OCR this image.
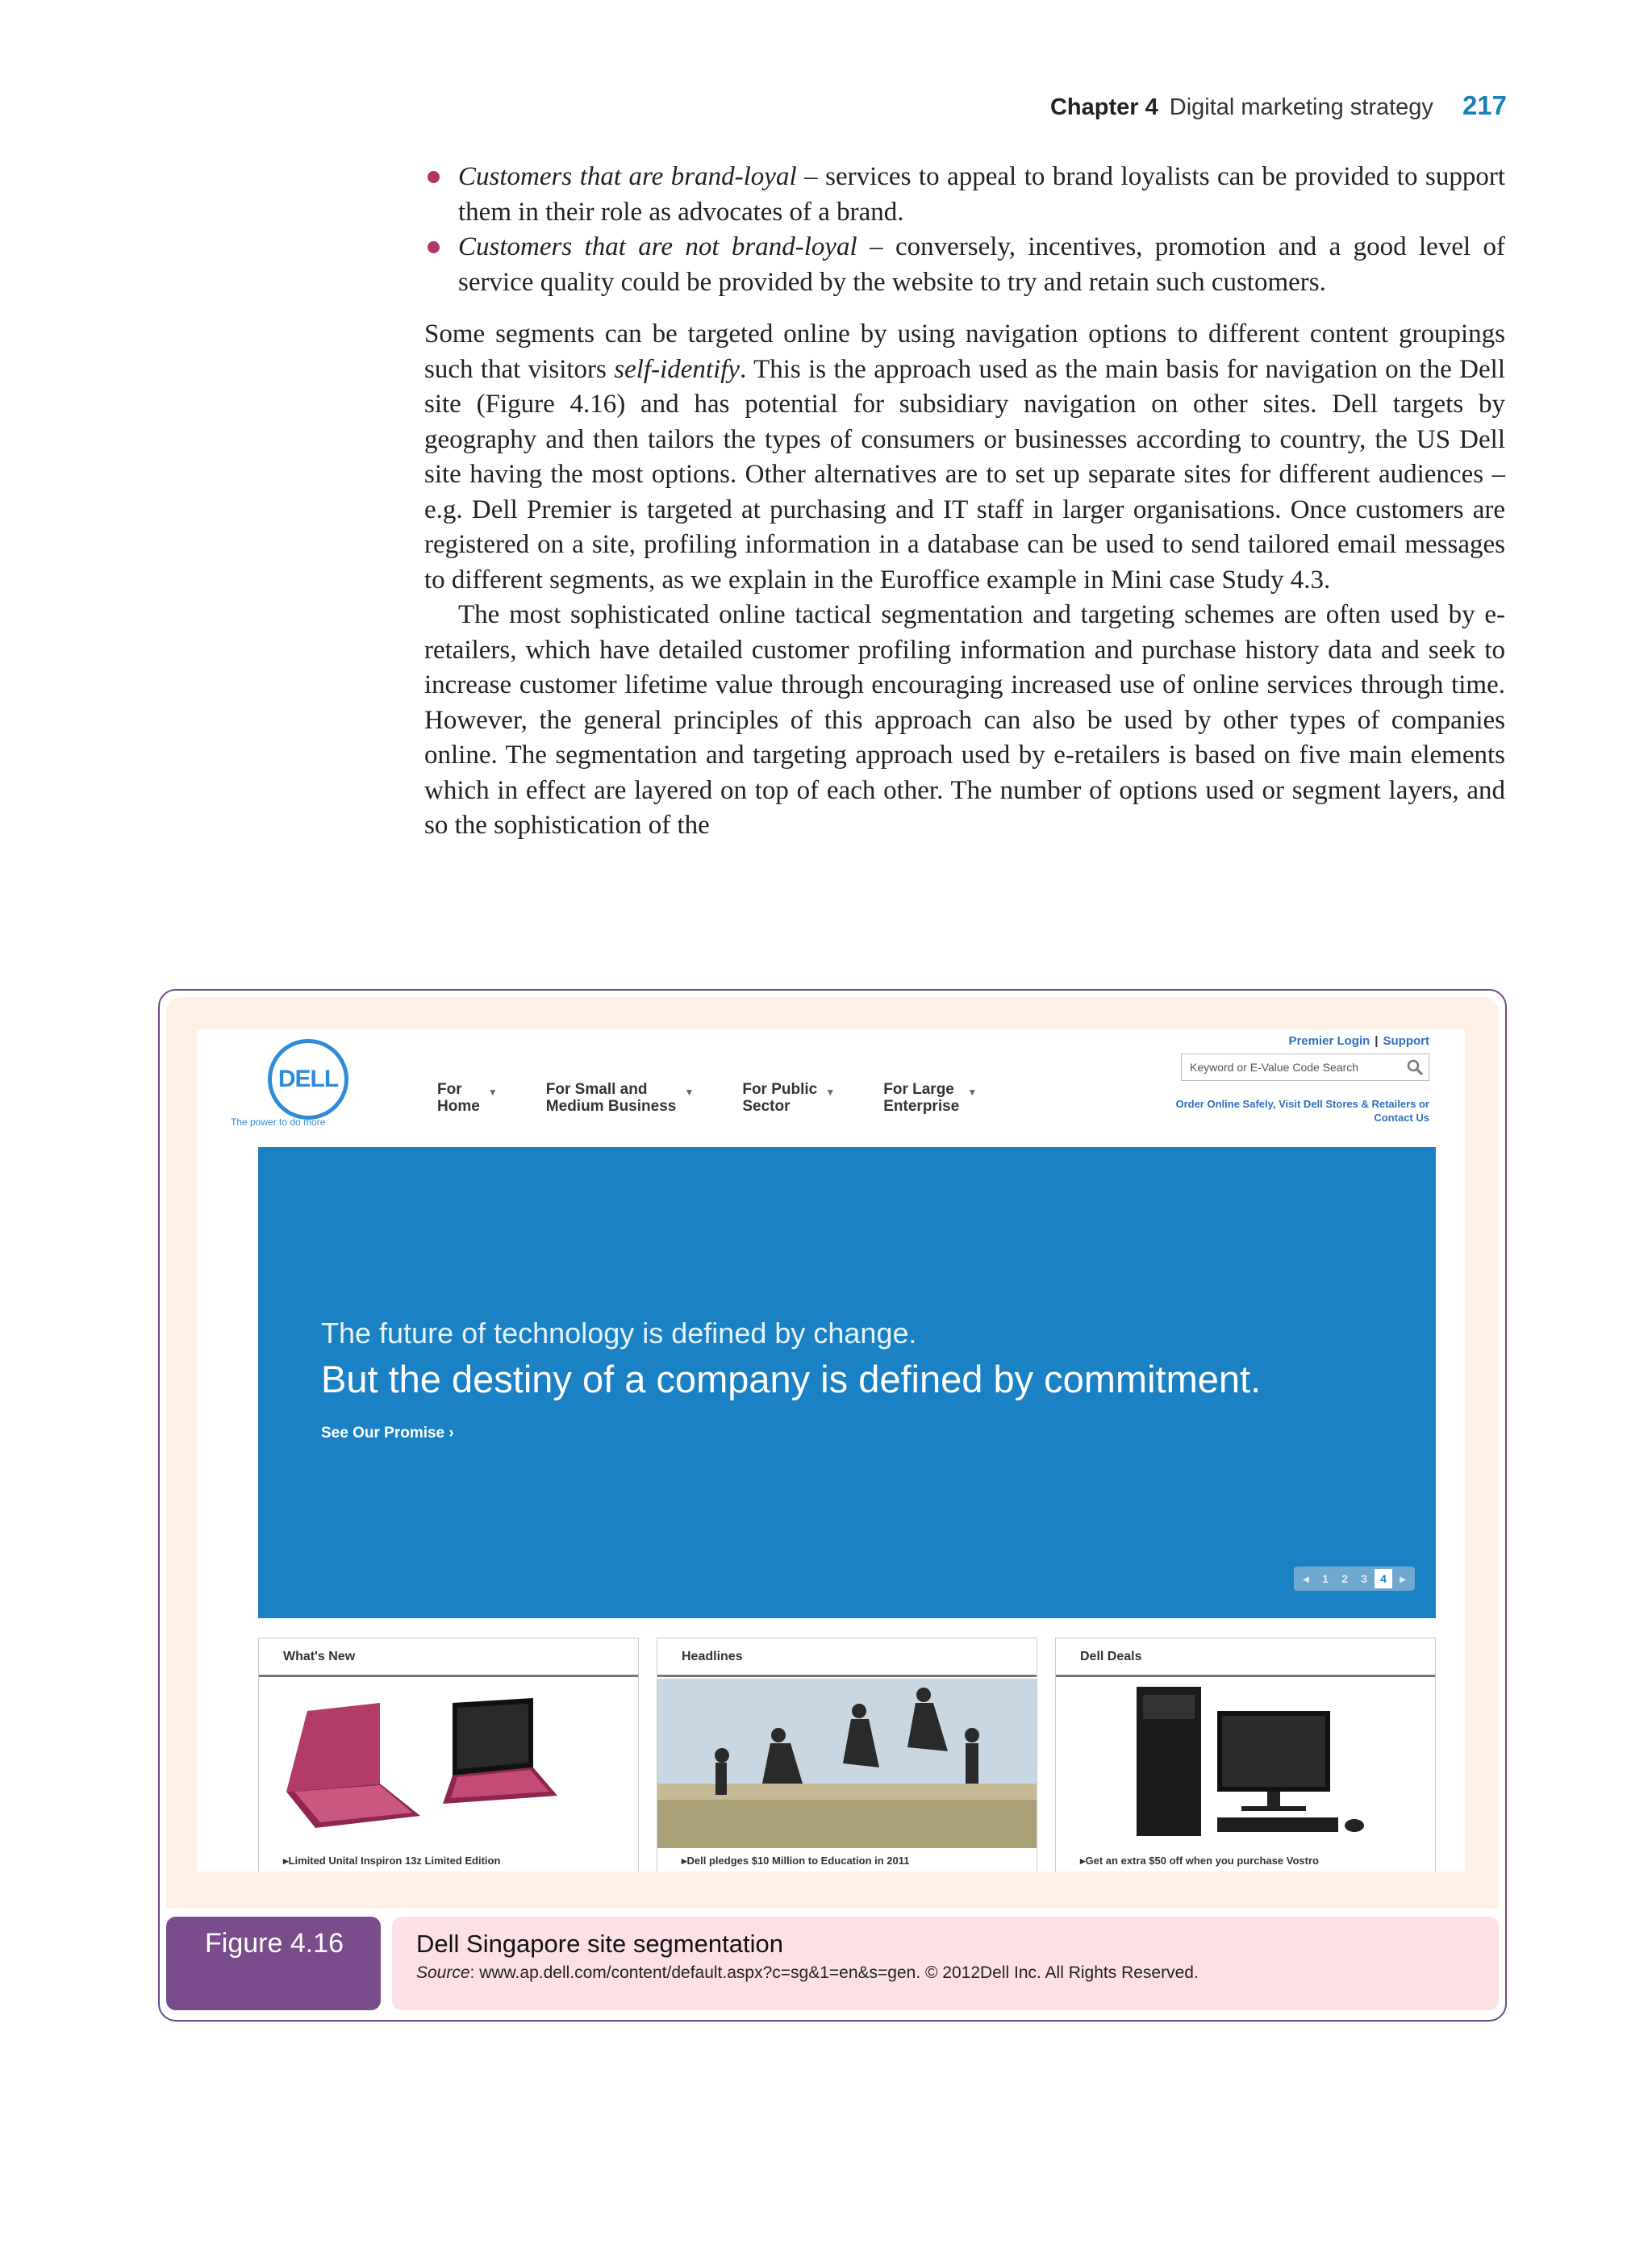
Chapter 4 Digital marketing strategy 217
Customers that are brand-loyal – services to appeal to brand loyalists can be provided to support them in their role as advocates of a brand.
Customers that are not brand-loyal – conversely, incentives, promotion and a good level of service quality could be provided by the website to try and retain such customers.

Some segments can be targeted online by using navigation options to different content groupings such that visitors self-identify. This is the approach used as the main basis for navigation on the Dell site (Figure 4.16) and has potential for subsidiary navigation on other sites. Dell targets by geography and then tailors the types of consumers or businesses according to country, the US Dell site having the most options. Other alternatives are to set up separate sites for different audiences – e.g. Dell Premier is targeted at purchasing and IT staff in larger organisations. Once customers are registered on a site, profiling information in a database can be used to send tailored email messages to different segments, as we explain in the Euroffice example in Mini case Study 4.3.

The most sophisticated online tactical segmentation and targeting schemes are often used by e-retailers, which have detailed customer profiling information and purchase history data and seek to increase customer lifetime value through encouraging increased use of online services through time. However, the general principles of this approach can also be used by other types of companies online. The segmentation and targeting approach used by e-retailers is based on five main elements which in effect are layered on top of each other. The number of options used or segment layers, and so the sophistication of the

Premier Login | Support
Keyword or E-Value Code Search
Order Online Safely, Visit Dell Stores & Retailers or Contact Us
DELL
The power to do more
For
Home
▼	For Small and
Medium Business
▼	For Public
Sector
▼	For Large
Enterprise
▼
The future of technology is defined by change.
But the destiny of a company is defined by commitment.
See Our Promise ›
◂	1	2	3	4	▸
What's New
▸Limited Unital Inspiron 13z Limited Edition
Headlines
▸Dell pledges $10 Million to Education in 2011
Dell Deals
▸Get an extra $50 off when you purchase Vostro
Figure 4.16	Dell Singapore site segmentation
Source: www.ap.dell.com/content/default.aspx?c=sg&1=en&s=gen. © 2012Dell Inc. All Rights Reserved.
